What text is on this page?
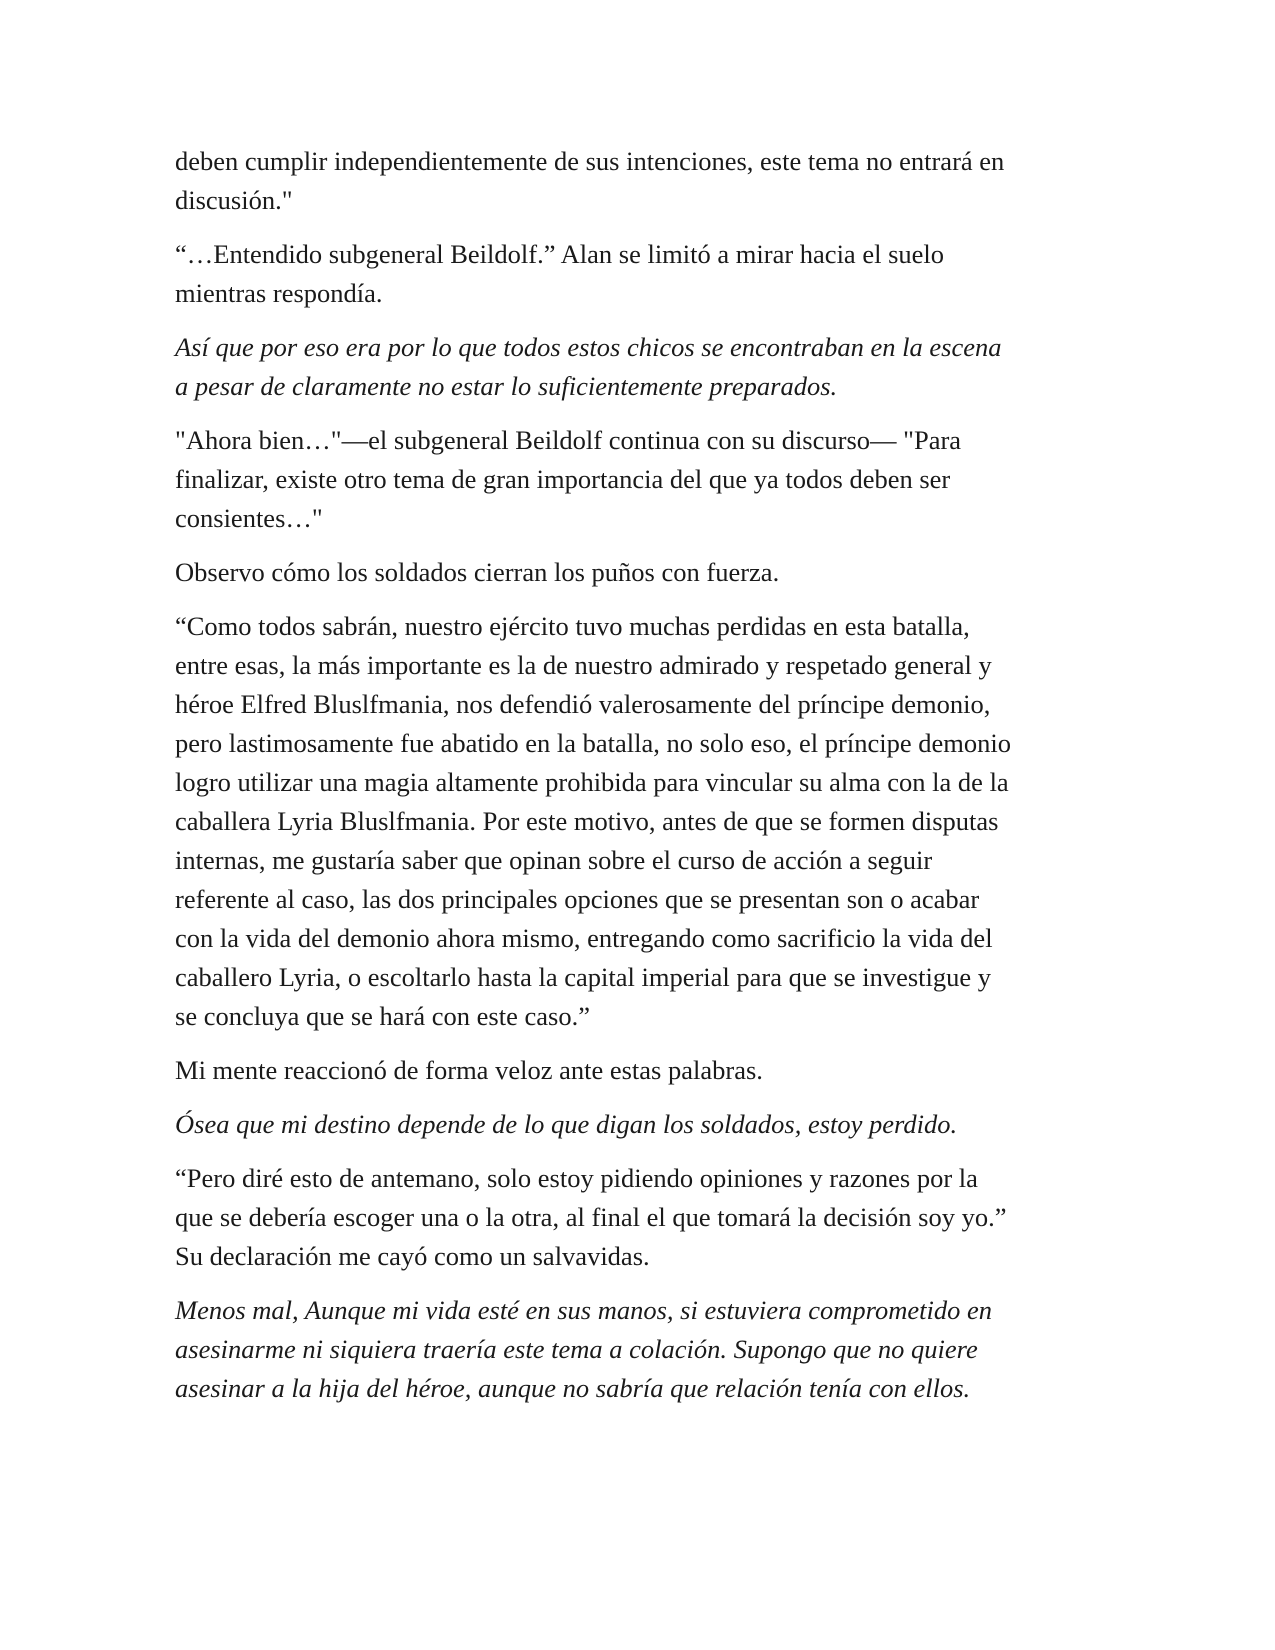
deben cumplir independientemente de sus intenciones, este tema no entrará en
discusión."

“…Entendido subgeneral Beildolf.” Alan se limitó a mirar hacia el suelo
mientras respondía.

Así que por eso era por lo que todos estos chicos se encontraban en la escena
a pesar de claramente no estar lo suficientemente preparados.

"Ahora bien…"—el subgeneral Beildolf continua con su discurso— "Para
finalizar, existe otro tema de gran importancia del que ya todos deben ser
consientes…"

Observo cómo los soldados cierran los puños con fuerza.

“Como todos sabrán, nuestro ejército tuvo muchas perdidas en esta batalla,
entre esas, la más importante es la de nuestro admirado y respetado general y
héroe Elfred Bluslfmania, nos defendió valerosamente del príncipe demonio,
pero lastimosamente fue abatido en la batalla, no solo eso, el príncipe demonio
logro utilizar una magia altamente prohibida para vincular su alma con la de la
caballera Lyria Bluslfmania. Por este motivo, antes de que se formen disputas
internas, me gustaría saber que opinan sobre el curso de acción a seguir
referente al caso, las dos principales opciones que se presentan son o acabar
con la vida del demonio ahora mismo, entregando como sacrificio la vida del
caballero Lyria, o escoltarlo hasta la capital imperial para que se investigue y
se concluya que se hará con este caso.”

Mi mente reaccionó de forma veloz ante estas palabras.

Ósea que mi destino depende de lo que digan los soldados, estoy perdido.

“Pero diré esto de antemano, solo estoy pidiendo opiniones y razones por la
que se debería escoger una o la otra, al final el que tomará la decisión soy yo.”
Su declaración me cayó como un salvavidas.

Menos mal, Aunque mi vida esté en sus manos, si estuviera comprometido en
asesinarme ni siquiera traería este tema a colación. Supongo que no quiere
asesinar a la hija del héroe, aunque no sabría que relación tenía con ellos.
